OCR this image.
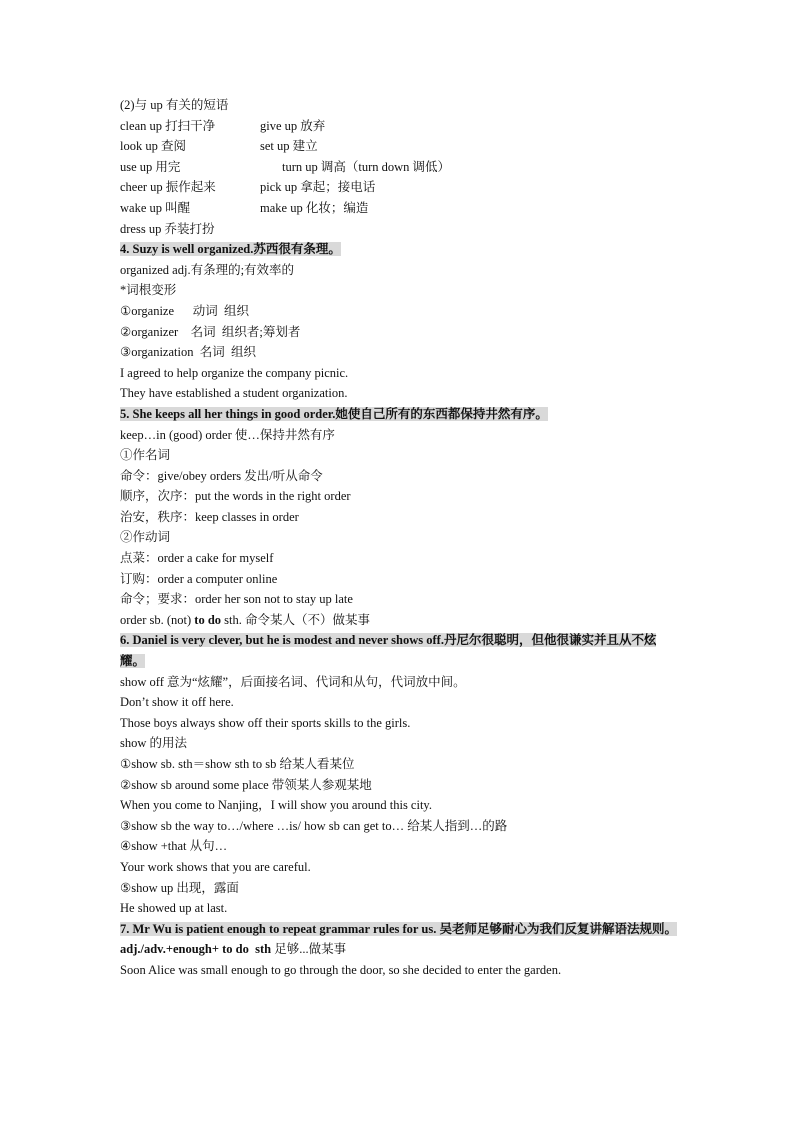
(2)与 up 有关的短语
clean up 打扫干净	give up 放弃
look up 查阅	set up 建立
use up 用完	turn up 调高（turn down 调低）
cheer up 振作起来	pick up 拿起；接电话
wake up 叫醒	make up 化妆；编造
dress up 乔装打扮
4. Suzy is well organized.苏西很有条理。
organized adj.有条理的;有效率的
*词根变形
①organize      动词  组织
②organizer    名词  组织者;筹划者
③organization  名词  组织
I agreed to help organize the company picnic.
They have established a student organization.
5. She keeps all her things in good order.她使自己所有的东西都保持井然有序。
keep…in (good) order 使…保持井然有序
①作名词
命令：give/obey orders 发出/听从命令
顺序，次序：put the words in the right order
治安，秩序：keep classes in order
②作动词
点菜：order a cake for myself
订购：order a computer online
命令；要求：order her son not to stay up late
order sb. (not) to do sth. 命令某人（不）做某事
6. Daniel is very clever, but he is modest and never shows off.丹尼尔很聪明，但他很谦实并且从不炫耀。
show off 意为“炫耀”，后面接名词、代词和从句，代词放中间。
Don’t show it off here.
Those boys always show off their sports skills to the girls.
show 的用法
①show sb. sth＝show sth to sb 给某人看某位
②show sb around some place 带领某人参观某地
When you come to Nanjing，I will show you around this city.
③show sb the way to…/where …is/ how sb can get to… 给某人指到…的路
④show +that 从句…
Your work shows that you are careful.
⑤show up 出现，露面
He showed up at last.
7. Mr Wu is patient enough to repeat grammar rules for us. 吴老师足够耐心为我们反复讲解语法规则。
adj./adv.+enough+ to do  sth 足够...做某事
Soon Alice was small enough to go through the door, so she decided to enter the garden.
